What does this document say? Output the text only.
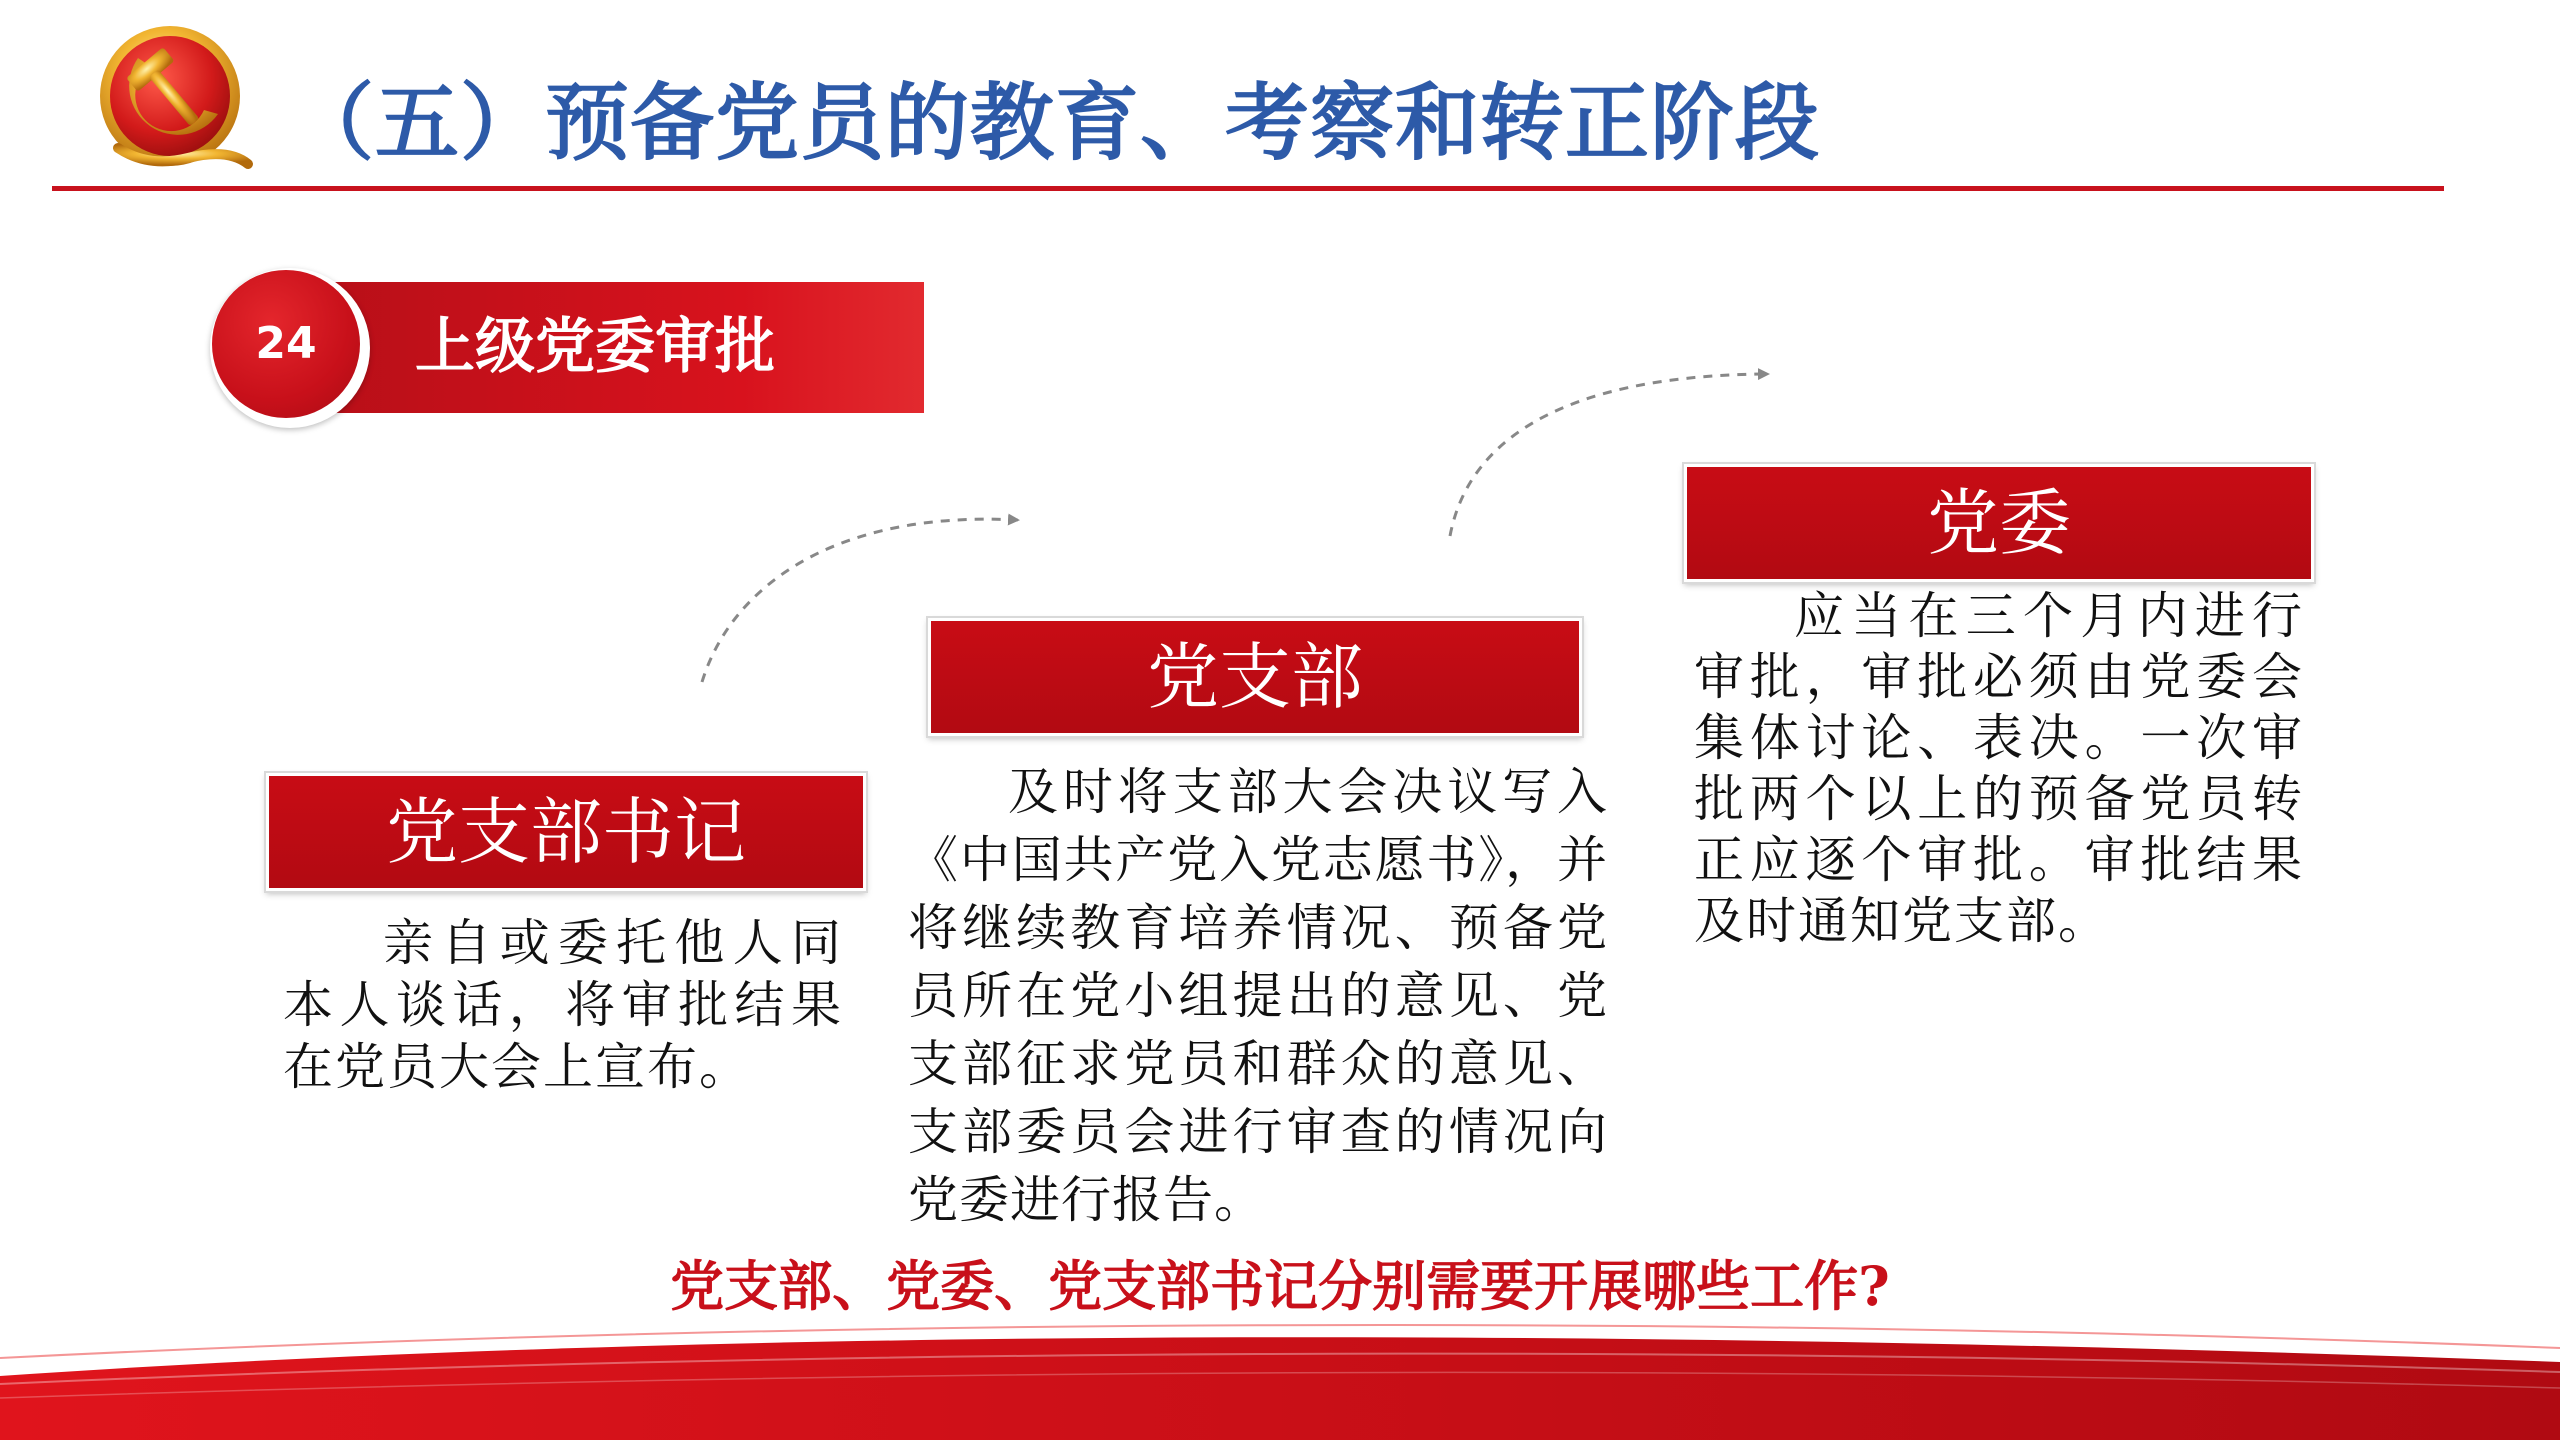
（五）预备党员的教育、考察和转正阶段
上级党委审批
24
党支部书记

亲自或委托他人同本人谈话，将审批结果在党员大会上宣布。

党支部

及时将支部大会决议写入《中国共产党入党志愿书》，并将继续教育培养情况、预备党员所在党小组提出的意见、党支部征求党员和群众的意见、支部委员会进行审查的情况向党委进行报告。

党委

应当在三个月内进行审批，审批必须由党委会集体讨论、表决。一次审批两个以上的预备党员转正应逐个审批。审批结果及时通知党支部。

党支部、党委、党支部书记分别需要开展哪些工作?
